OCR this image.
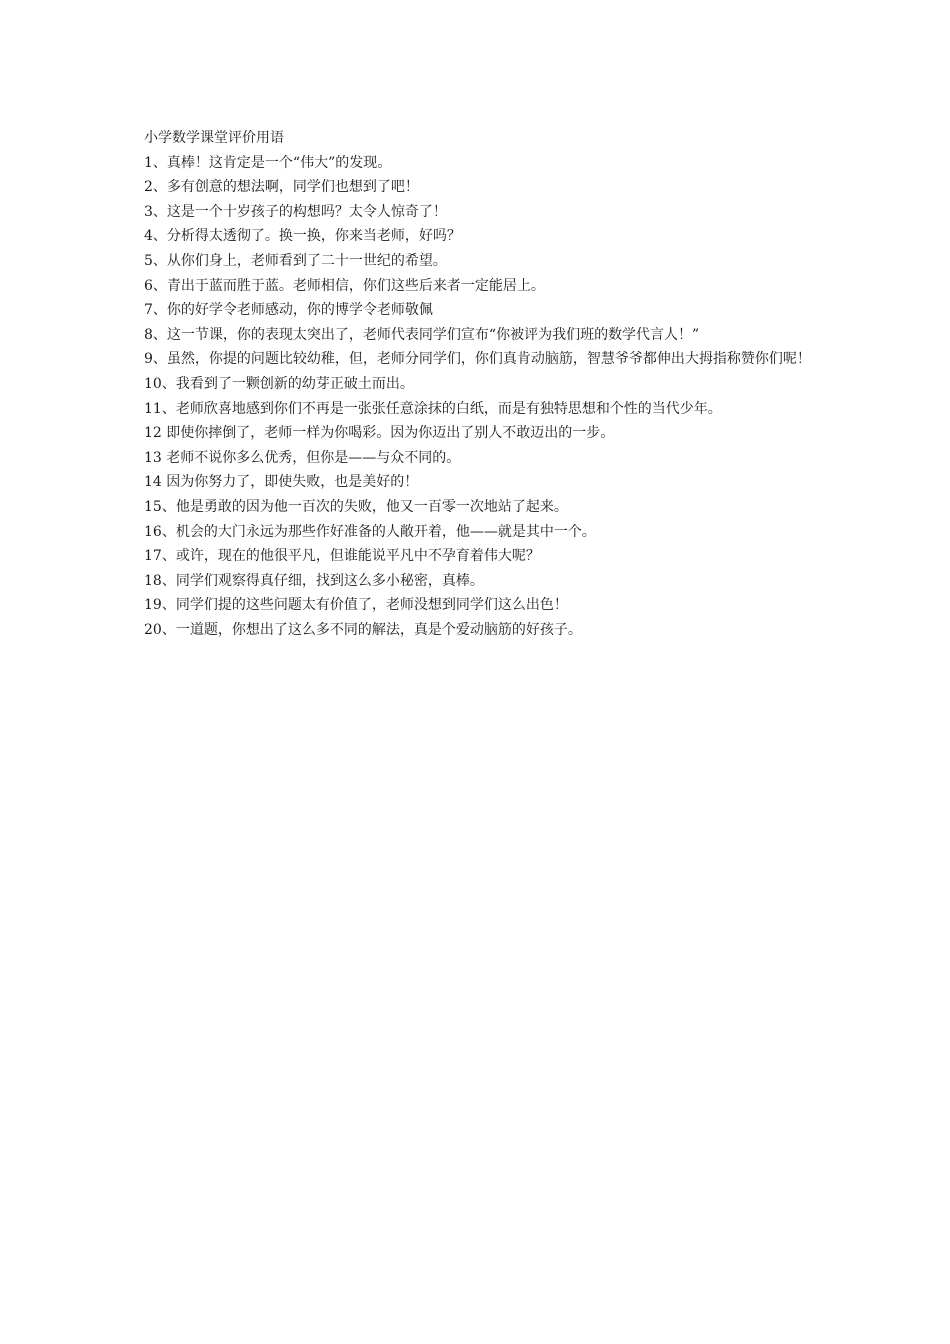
小学数学课堂评价用语

1、真棒！这肯定是一个“伟大”的发现。
2、多有创意的想法啊，同学们也想到了吧！
3、这是一个十岁孩子的构想吗？太令人惊奇了！
4、分析得太透彻了。换一换，你来当老师，好吗？
5、从你们身上，老师看到了二十一世纪的希望。
6、青出于蓝而胜于蓝。老师相信，你们这些后来者一定能居上。
7、你的好学令老师感动，你的博学令老师敬佩
8、这一节课，你的表现太突出了，老师代表同学们宣布“你被评为我们班的数学代言人！”
9、虽然，你提的问题比较幼稚，但，老师分同学们，你们真肯动脑筋，智慧爷爷都伸出大拇指称赞你们呢！
10、我看到了一颗创新的幼芽正破土而出。
11、老师欣喜地感到你们不再是一张张任意涂抹的白纸，而是有独特思想和个性的当代少年。
12 即使你摔倒了，老师一样为你喝彩。因为你迈出了别人不敢迈出的一步。
13 老师不说你多么优秀，但你是——与众不同的。
14 因为你努力了，即使失败，也是美好的！
15、他是勇敢的因为他一百次的失败，他又一百零一次地站了起来。
16、机会的大门永远为那些作好准备的人敞开着，他——就是其中一个。
17、或许，现在的他很平凡，但谁能说平凡中不孕育着伟大呢？
18、同学们观察得真仔细，找到这么多小秘密，真棒。
19、同学们提的这些问题太有价值了，老师没想到同学们这么出色！
20、一道题，你想出了这么多不同的解法，真是个爱动脑筋的好孩子。
